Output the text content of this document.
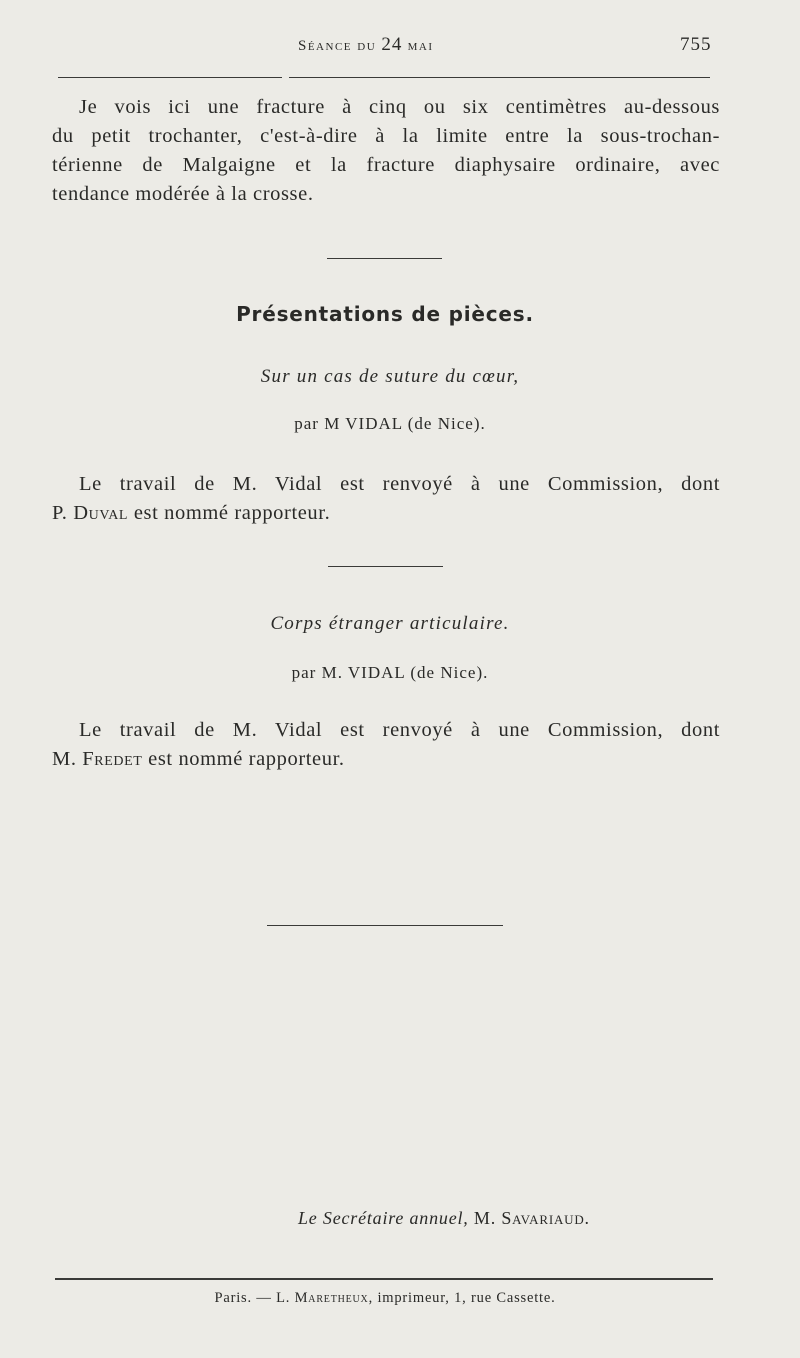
Séance du 24 mai	755
Je vois ici une fracture à cinq ou six centimètres au-dessous
du petit trochanter, c'est-à-dire à la limite entre la sous-trochan-
térienne de Malgaigne et la fracture diaphysaire ordinaire, avec
tendance modérée à la crosse.
Présentations de pièces.
Sur un cas de suture du cœur,
par M VIDAL (de Nice).
Le travail de M. Vidal est renvoyé à une Commission, dont
P. Duval est nommé rapporteur.
Corps étranger articulaire.
par M. VIDAL (de Nice).
Le travail de M. Vidal est renvoyé à une Commission, dont
M. Fredet est nommé rapporteur.
Le Secrétaire annuel, M. Savariaud.
Paris. — L. Maretheux, imprimeur, 1, rue Cassette.
